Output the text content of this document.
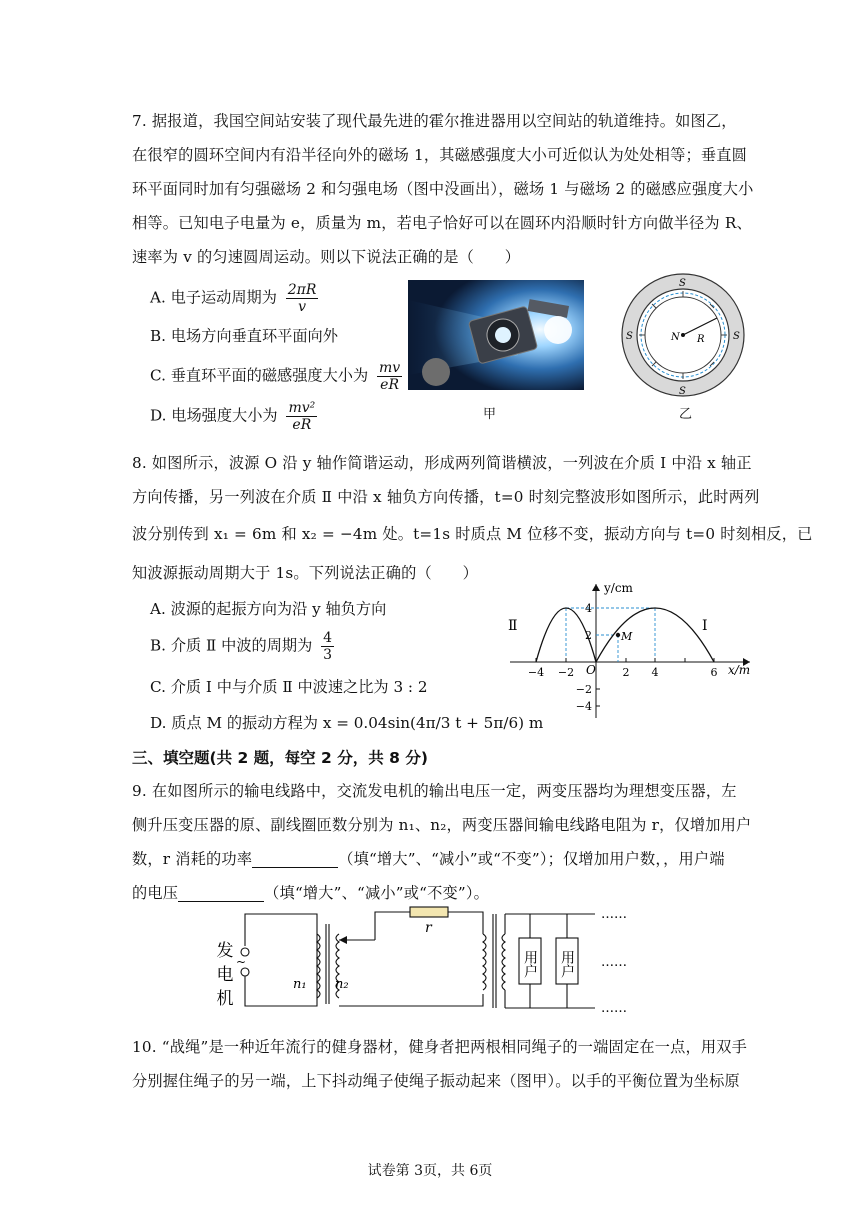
7. 据报道，我国空间站安装了现代最先进的霍尔推进器用以空间站的轨道维持。如图乙，
在很窄的圆环空间内有沿半径向外的磁场 1，其磁感强度大小可近似认为处处相等；垂直圆
环平面同时加有匀强磁场 2 和匀强电场（图中没画出），磁场 1 与磁场 2 的磁感应强度大小
相等。已知电子电量为 e，质量为 m，若电子恰好可以在圆环内沿顺时针方向做半径为 R、
速率为 v 的匀速圆周运动。则以下说法正确的是（　　）
A. 电子运动周期为 $\frac{2\pi R}{v}$
B. 电场方向垂直环平面向外
C. 垂直环平面的磁感强度大小为 $\frac{mv}{eR}$
D. 电场强度大小为 $\frac{\text{mv²}}{eR}$	甲
N R
S
S
S	S
乙
8. 如图所示，波源 O 沿 y 轴作简谐运动，形成两列简谐横波，一列波在介质 Ⅰ 中沿 x 轴正
方向传播，另一列波在介质 Ⅱ 中沿 x 轴负方向传播，t=0 时刻完整波形如图所示，此时两列
波分别传到 x₁ = 6m 和 x₂ = −4m 处。t=1s 时质点 M 位移不变，振动方向与 t=0 时刻相反，已
知波源振动周期大于 1s。下列说法正确的（　　）
A. 波源的起振方向为沿 y 轴负方向
B. 介质 Ⅱ 中波的周期为 $\frac{4}{3}$
C. 介质 Ⅰ 中与介质 Ⅱ 中波速之比为 3 : 2
D. 质点 M 的振动方程为 x = 0.04sin(4π/3 t + 5π/6) m
y/cm
x/m
Ⅱ	Ⅰ
O
M
−4 −2	2 4	6
4
2
−2
−4
三、填空题(共 2 题，每空 2 分，共 8 分)
9. 在如图所示的输电线路中，交流发电机的输出电压一定，两变压器均为理想变压器，左
侧升压变压器的原、副线圈匝数分别为 n₁、n₂，两变压器间输电线路电阻为 r，仅增加用户
数，r 消耗的功率	（填“增大”、“减小”或“不变”）；仅增加用户数，，用户端
的电压	（填“增大”、“减小”或“不变”）。
~
发
电
机
n₁ n₂
r
用户 用户
……
……
……
10. “战绳”是一种近年流行的健身器材，健身者把两根相同绳子的一端固定在一点，用双手
分别握住绳子的另一端，上下抖动绳子使绳子振动起来（图甲）。以手的平衡位置为坐标原
试卷第 3页，共 6页
